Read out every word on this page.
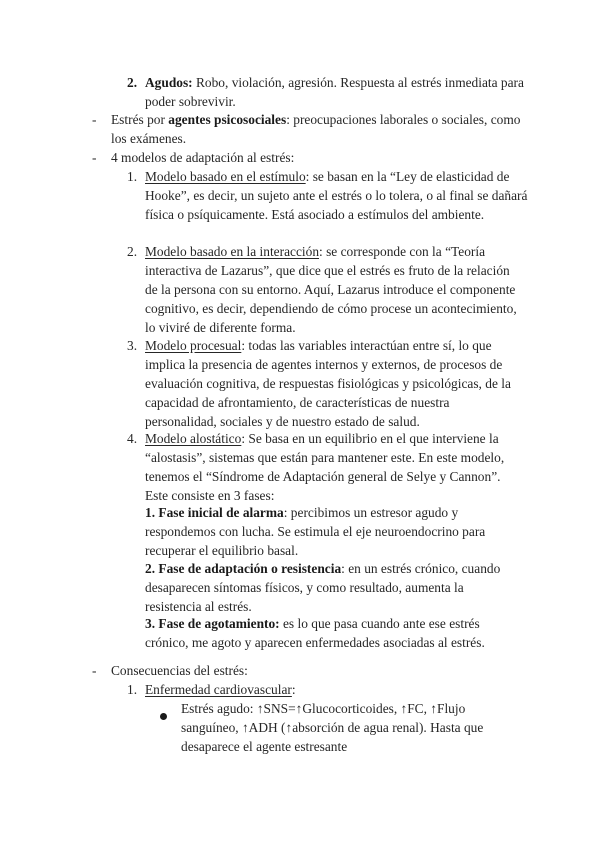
2. Agudos: Robo, violación, agresión. Respuesta al estrés inmediata para poder sobrevivir.
- Estrés por agentes psicosociales: preocupaciones laborales o sociales, como los exámenes.
- 4 modelos de adaptación al estrés:
1. Modelo basado en el estímulo: se basan en la “Ley de elasticidad de Hooke”, es decir, un sujeto ante el estrés o lo tolera, o al final se dañará física o psíquicamente. Está asociado a estímulos del ambiente.
2. Modelo basado en la interacción: se corresponde con la “Teoría interactiva de Lazarus”, que dice que el estrés es fruto de la relación de la persona con su entorno. Aquí, Lazarus introduce el componente cognitivo, es decir, dependiendo de cómo procese un acontecimiento, lo viviré de diferente forma.
3. Modelo procesual: todas las variables interactúan entre sí, lo que implica la presencia de agentes internos y externos, de procesos de evaluación cognitiva, de respuestas fisiológicas y psicológicas, de la capacidad de afrontamiento, de características de nuestra personalidad, sociales y de nuestro estado de salud.
4. Modelo alostático: Se basa en un equilibrio en el que interviene la “alostasis”, sistemas que están para mantener este. En este modelo, tenemos el “Síndrome de Adaptación general de Selye y Cannon”. Este consiste en 3 fases:
1. Fase inicial de alarma: percibimos un estresor agudo y respondemos con lucha. Se estimula el eje neuroendocrino para recuperar el equilibrio basal.
2. Fase de adaptación o resistencia: en un estrés crónico, cuando desaparecen síntomas físicos, y como resultado, aumenta la resistencia al estrés.
3. Fase de agotamiento: es lo que pasa cuando ante ese estrés crónico, me agoto y aparecen enfermedades asociadas al estrés.
- Consecuencias del estrés:
1. Enfermedad cardiovascular:
Estrés agudo: ↑SNS=↑Glucocorticoides, ↑FC, ↑Flujo sanguíneo, ↑ADH (↑absorción de agua renal). Hasta que desaparece el agente estresante
